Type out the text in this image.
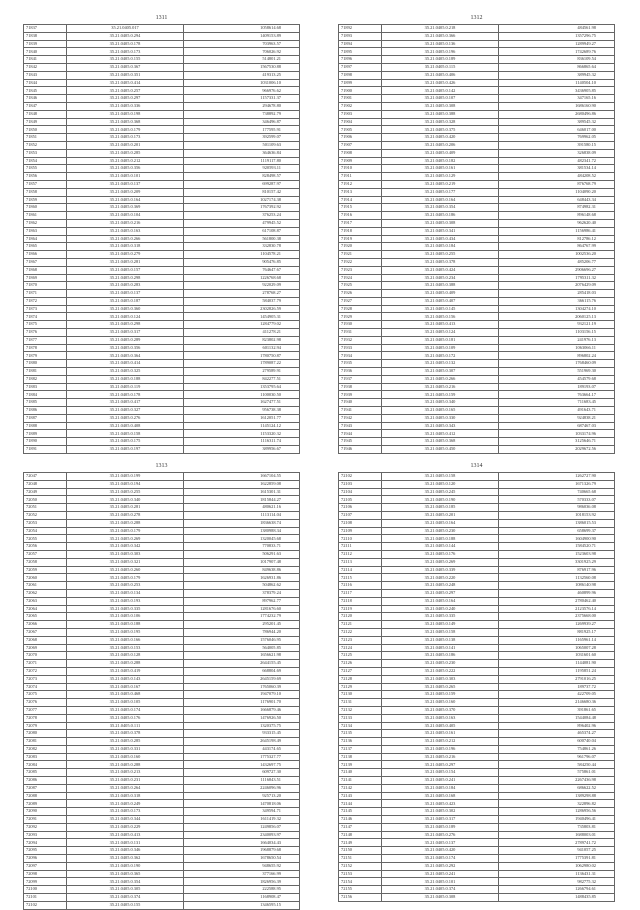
1311
71837	35.21.0405.017	1058614.68
71838	35.21.0405.0.294	1409153.89
71839	35.21.0405.0.178	703963.57
71840	35.21.0405.0.173	706026.92
71841	35.21.0405.0.155	514801.21
71842	35.21.0405.0.367	1567530.88
71843	35.21.0405.0.351	419313.25
71844	35.21.0405.0.414	1031006.10
71845	35.21.0405.0.257	966976.62
71846	35.21.0405.0.297	1157331.37
71847	35.21.0405.0.336	294678.80
71848	35.21.0405.0.198	738892.79
71849	35.21.0405.0.368	346496.87
71850	35.21.0405.0.179	177595.91
71851	35.21.0405.0.173	392599.07
71852	35.21.0405.0.201	501109.63
71853	35.21.0405.0.285	364636.84
71854	35.21.0405.0.212	1119117.80
71855	35.21.0405.0.356	920593.11
71856	35.21.0405.0.101	828498.57
71857	35.21.0405.0.137	699287.97
71858	35.21.0405.0.209	810157.42
71859	35.21.0405.0.164	1027174.38
71860	35.21.0405.0.369	1767392.92
71861	35.21.0405.0.104	376253.24
71862	35.21.0405.0.216	479945.52
71863	35.21.0405.0.163	617108.87
71864	35.21.0405.0.266	561800.38
71865	35.21.0405.0.318	332830.78
71866	35.21.0405.0.279	1104578.21
71867	35.21.0405.0.281	905476.85
71868	35.21.0405.0.157	764647.67
71869	35.21.0405.0.298	1226768.68
71870	35.21.0405.0.283	922029.09
71871	35.21.0405.0.137	278768.27
71872	35.21.0405.0.187	584037.79
71873	35.21.0405.0.360	2302826.59
71874	35.21.0405.0.124	1454905.31
71875	35.21.0405.0.298	1284779.02
71876	35.21.0405.0.317	411278.21
71877	35.21.0405.0.289	823802.98
71878	35.21.0405.0.356	601132.94
71879	35.21.0405.0.364	1780750.87
71880	35.21.0405.0.414	1789087.22
71881	35.21.0405.0.325	279589.91
71882	35.21.0405.0.188	842277.51
71883	35.21.0405.0.119	1353795.64
71884	35.21.0405.0.178	1100030.50
71885	35.21.0405.0.417	1627477.51
71886	35.21.0405.0.327	956738.38
71887	35.21.0405.0.276	1612051.77
71888	35.21.0405.0.408	1145124.12
71889	35.21.0405.0.158	1153320.32
71890	35.21.0405.0.175	1116311.74
71891	35.21.0405.0.197	389956.67
1312
71892	35.21.0405.0.218	484561.98
71893	35.21.0405.0.366	1357296.75
71894	35.21.0405.0.136	1289949.27
71895	35.21.0405.0.196	1742689.76
71896	35.21.0405.0.189	836109.54
71897	35.21.0405.0.115	866865.64
71898	35.21.0405.0.406	389945.32
71899	35.21.0405.0.426	1140504.10
71900	35.21.0405.0.142	3436905.85
71901	35.21.0405.0.107	347165.16
71902	35.21.0405.0.308	1686160.90
71903	35.21.0405.0.388	2680496.86
71904	35.21.0405.0.328	389545.32
71905	35.21.0405.0.375	646017.00
71906	35.21.0405.0.420	769962.05
71907	35.21.0405.0.206	391580.15
71908	35.21.0405.0.409	326838.09
71909	35.21.0405.0.182	482341.72
71910	35.21.0405.0.161	381534.14
71911	35.21.0405.0.129	484208.52
71912	35.21.0405.0.219	876768.79
71913	35.21.0405.0.177	1104090.20
71914	35.21.0405.0.164	648443.34
71915	35.21.0405.0.354	874982.31
71916	35.21.0405.0.186	896148.68
71917	35.21.0405.0.308	962620.40
71918	35.21.0405.0.341	1156986.41
71919	35.21.0405.0.434	812786.12
71920	35.21.0405.0.184	864767.99
71921	35.21.0405.0.255	1002536.20
71922	35.21.0405.0.378	485206.77
71923	35.21.0405.0.424	2906696.27
71924	35.21.0405.0.234	1795311.32
71925	35.21.0405.0.388	2076429.09
71926	35.21.0405.0.409	285418.03
71927	35.21.0405.0.407	366115.76
71928	35.21.0405.0.145	1304274.10
71929	35.21.0405.0.156	2060125.13
71930	35.21.0405.0.413	932121.19
71931	35.21.0405.0.124	1103156.15
71932	35.21.0405.0.181	241976.13
71933	35.21.0405.0.109	1063066.11
71934	35.21.0405.0.172	896802.24
71935	35.21.0405.0.132	1768460.09
71936	35.21.0405.0.307	551969.30
71937	35.21.0405.0.266	454579.68
71938	35.21.0405.0.216	189193.07
71939	35.21.0405.0.159	763664.17
71940	35.21.0405.0.340	711683.45
71941	35.21.0405.0.165	491643.71
71942	35.21.0405.0.330	924838.21
71943	35.21.0405.0.343	687467.03
71944	35.21.0405.0.412	1033174.96
71945	35.21.0405.0.368	3125646.71
71946	35.21.0405.0.450	2029672.56
1313
72047	35.21.0405.0.199	1667104.55
72048	35.21.0405.0.194	1622859.08
72049	35.21.0405.0.255	1615301.31
72050	35.21.0405.0.340	1815844.27
72051	35.21.0405.0.281	480621.16
72052	35.21.0405.0.278	1113114.04
72053	35.21.0405.0.288	1836638.74
72054	35.21.0405.0.179	1380988.34
72055	35.21.0405.0.269	1320045.68
72056	35.21.0405.0.342	770833.71
72057	35.21.0405.0.303	506291.63
72058	35.21.0405.0.321	1017907.48
72059	35.21.0405.0.260	849638.86
72060	35.21.0405.0.179	1626931.86
72061	35.21.0405.0.253	504862.62
72062	35.21.0405.0.134	378379.24
72063	35.21.0405.0.193	897962.77
72064	35.21.0405.0.335	1281676.60
72065	35.21.0405.0.106	1774232.79
72066	35.21.0405.0.188	295201.45
72067	35.21.0405.0.195	786944.20
72068	35.21.0405.0.166	1576046.95
72069	35.21.0405.0.153	564005.85
72070	35.21.0405.0.128	1656621.98
72071	35.21.0405.0.288	2644155.45
72072	35.21.0405.0.419	668804.69
72073	35.21.0405.0.143	2645159.69
72074	35.21.0405.0.167	1765060.39
72075	35.21.0405.0.468	1947079.10
72076	35.21.0405.0.105	1176901.70
72077	35.21.0405.0.174	1666879.46
72078	35.21.0405.0.176	1476926.50
72079	35.21.0405.0.111	1320375.75
72080	35.21.0405.0.378	933315.45
72081	35.21.0405.0.285	2645198.49
72082	35.21.0405.0.331	443174.65
72083	35.21.0405.0.160	1775327.77
72084	35.21.0405.0.288	1432697.75
72085	35.21.0405.0.213	609727.30
72086	35.21.0405.0.231	1116843.51
72087	35.21.0405.0.264	2246096.96
72088	35.21.0405.0.318	925713.20
72089	35.21.0405.0.249	1470818.06
72090	35.21.0405.0.173	349594.71
72091	35.21.0405.0.344	1611419.32
72092	35.21.0405.0.229	1249856.07
72093	35.21.0405.0.413	2340093.97
72094	35.21.0405.0.131	1664034.43
72095	35.21.0405.0.346	1968879.68
72096	35.21.0405.0.362	1678650.54
72097	35.21.0405.0.190	948655.92
72098	35.21.0405.0.365	377166.99
72099	35.21.0405.0.354	1826956.39
72100	35.21.0405.0.305	222588.95
72101	35.21.0405.0.374	1168908.47
72102	35.21.0405.0.155	1346595.15
1314
72102	35.21.0405.0.158	1262727.90
72103	35.21.0405.0.120	1671326.79
72104	35.21.0405.0.245	740665.68
72105	35.21.0405.0.190	570333.07
72106	35.21.0405.0.185	986036.08
72107	35.21.0405.0.201	1018153.92
72108	35.21.0405.0.164	1386015.53
72109	35.21.0405.0.230	658699.37
72110	35.21.0405.0.188	1604900.90
72111	35.21.0405.0.144	1584520.71
72112	35.21.0405.0.176	1523603.98
72113	35.21.0405.0.269	3301925.29
72114	35.21.0405.0.339	876917.96
72115	35.21.0405.0.220	1132560.08
72116	35.21.0405.0.248	1086140.98
72117	35.21.0405.0.297	460899.96
72118	35.21.0405.0.164	2780462.40
72119	35.21.0405.0.240	2123576.14
72120	35.21.0405.0.335	2375668.00
72121	35.21.0405.0.149	1269939.27
72122	35.21.0405.0.158	881925.17
72123	35.21.0405.0.138	1165961.14
72124	35.21.0405.0.141	1065007.28
72125	35.21.0405.0.186	1031601.60
72126	35.21.0405.0.230	1144081.90
72127	35.21.0405.0.222	1195851.24
72128	35.21.0405.0.303	2791016.25
72129	35.21.0405.0.265	189737.72
72130	35.21.0405.0.159	422709.05
72131	35.21.0405.0.160	2146680.36
72132	35.21.0405.0.370	391861.65
72133	35.21.0405.0.163	1544084.48
72134	35.21.0405.0.405	896402.96
72135	35.21.0405.0.161	465374.27
72136	35.21.0405.0.212	600740.04
72137	35.21.0405.0.196	754861.26
72138	35.21.0405.0.216	961796.07
72139	35.21.0405.0.297	584250.44
72140	35.21.0405.0.154	575861.01
72141	35.21.0405.0.241	2267436.98
72142	35.21.0405.0.184	686622.52
72143	35.21.0405.0.168	1389298.88
72144	35.21.0405.0.423	322896.82
72145	35.21.0405.0.302	1286956.56
72146	35.21.0405.0.317	1940496.41
72147	35.21.0405.0.189	735803.81
72148	35.21.0405.0.276	1688003.01
72149	35.21.0405.0.137	2789741.72
72150	35.21.0405.0.420	941057.25
72151	35.21.0405.0.174	1775391.81
72152	35.21.0405.0.292	1062980.02
72153	35.21.0405.0.241	1136431.31
72154	35.21.0405.0.101	982775.32
72155	35.21.0405.0.374	1266794.61
72156	35.21.0405.0.308	1488435.85
